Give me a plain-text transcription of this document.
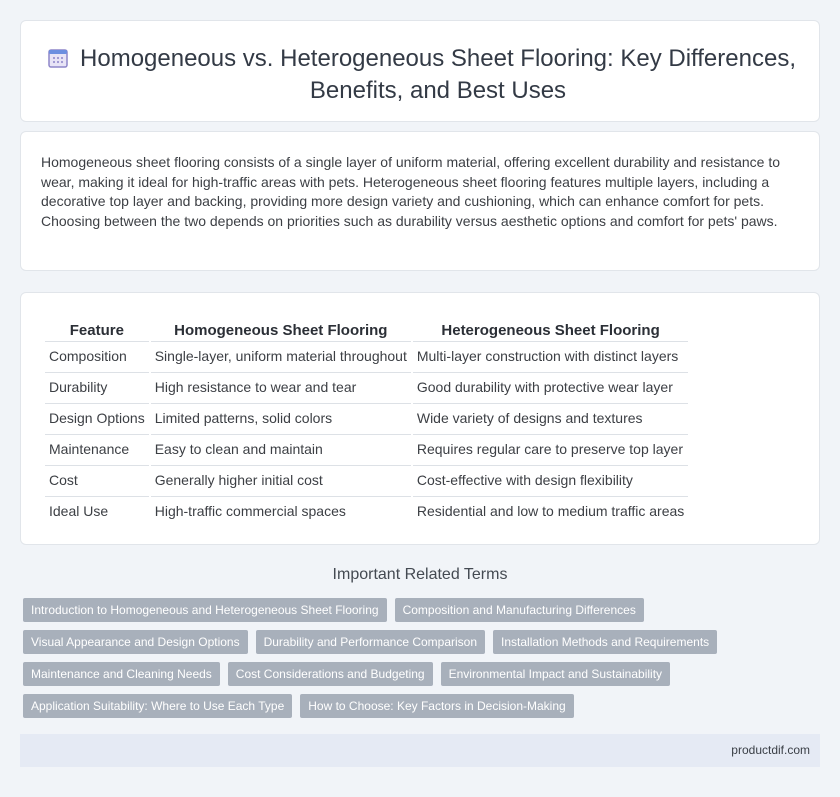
Homogeneous vs. Heterogeneous Sheet Flooring: Key Differences, Benefits, and Best Uses

Homogeneous sheet flooring consists of a single layer of uniform material, offering excellent durability and resistance to wear, making it ideal for high-traffic areas with pets. Heterogeneous sheet flooring features multiple layers, including a decorative top layer and backing, providing more design variety and cushioning, which can enhance comfort for pets. Choosing between the two depends on priorities such as durability versus aesthetic options and comfort for pets' paws.

Feature	Homogeneous Sheet Flooring	Heterogeneous Sheet Flooring
Composition	Single-layer, uniform material throughout	Multi-layer construction with distinct layers
Durability	High resistance to wear and tear	Good durability with protective wear layer
Design Options	Limited patterns, solid colors	Wide variety of designs and textures
Maintenance	Easy to clean and maintain	Requires regular care to preserve top layer
Cost	Generally higher initial cost	Cost-effective with design flexibility
Ideal Use	High-traffic commercial spaces	Residential and low to medium traffic areas
Important Related Terms
Introduction to Homogeneous and Heterogeneous Sheet Flooring	Composition and Manufacturing Differences
Visual Appearance and Design Options	Durability and Performance Comparison	Installation Methods and Requirements
Maintenance and Cleaning Needs	Cost Considerations and Budgeting	Environmental Impact and Sustainability
Application Suitability: Where to Use Each Type	How to Choose: Key Factors in Decision-Making
productdif.com
